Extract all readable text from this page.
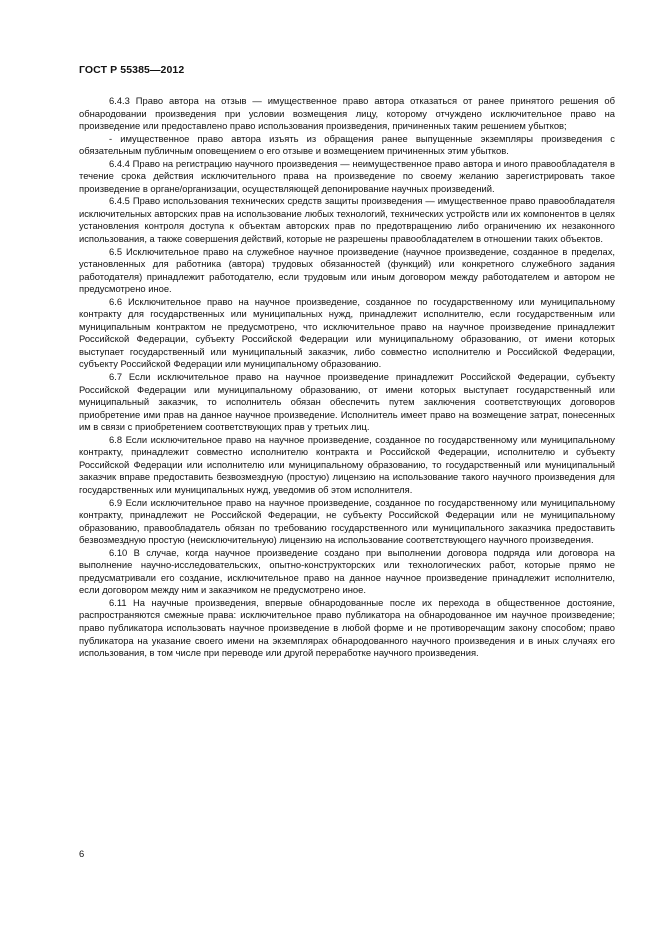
ГОСТ Р 55385—2012

6.4.3 Право автора на отзыв — имущественное право автора отказаться от ранее принятого решения об обнародовании произведения при условии возмещения лицу, которому отчуждено исключительное право на произведение или предоставлено право использования произведения, причиненных таким решением убытков;

- имущественное право автора изъять из обращения ранее выпущенные экземпляры произведения с обязательным публичным оповещением о его отзыве и возмещением причиненных этим убытков.

6.4.4 Право на регистрацию научного произведения — неимущественное право автора и иного правообладателя в течение срока действия исключительного права на произведение по своему желанию зарегистрировать такое произведение в органе/организации, осуществляющей депонирование научных произведений.

6.4.5 Право использования технических средств защиты произведения — имущественное право правообладателя исключительных авторских прав на использование любых технологий, технических устройств или их компонентов в целях установления контроля доступа к объектам авторских прав по предотвращению либо ограничению их незаконного использования, а также совершения действий, которые не разрешены правообладателем в отношении таких объектов.

6.5 Исключительное право на служебное научное произведение (научное произведение, созданное в пределах, установленных для работника (автора) трудовых обязанностей (функций) или конкретного служебного задания работодателя) принадлежит работодателю, если трудовым или иным договором между работодателем и автором не предусмотрено иное.

6.6 Исключительное право на научное произведение, созданное по государственному или муниципальному контракту для государственных или муниципальных нужд, принадлежит исполнителю, если государственным или муниципальным контрактом не предусмотрено, что исключительное право на научное произведение принадлежит Российской Федерации, субъекту Российской Федерации или муниципальному образованию, от имени которых выступает государственный или муниципальный заказчик, либо совместно исполнителю и Российской Федерации, субъекту Российской Федерации или муниципальному образованию.

6.7 Если исключительное право на научное произведение принадлежит Российской Федерации, субъекту Российской Федерации или муниципальному образованию, от имени которых выступает государственный или муниципальный заказчик, то исполнитель обязан обеспечить путем заключения соответствующих договоров приобретение ими прав на данное научное произведение. Исполнитель имеет право на возмещение затрат, понесенных им в связи с приобретением соответствующих прав у третьих лиц.

6.8 Если исключительное право на научное произведение, созданное по государственному или муниципальному контракту, принадлежит совместно исполнителю контракта и Российской Федерации, исполнителю и субъекту Российской Федерации или исполнителю или муниципальному образованию, то государственный или муниципальный заказчик вправе предоставить безвозмездную (простую) лицензию на использование такого научного произведения для государственных или муниципальных нужд, уведомив об этом исполнителя.

6.9 Если исключительное право на научное произведение, созданное по государственному или муниципальному контракту, принадлежит не Российской Федерации, не субъекту Российской Федерации или не муниципальному образованию, правообладатель обязан по требованию государственного или муниципального заказчика предоставить безвозмездную простую (неисключительную) лицензию на использование соответствующего научного произведения.

6.10 В случае, когда научное произведение создано при выполнении договора подряда или договора на выполнение научно-исследовательских, опытно-конструкторских или технологических работ, которые прямо не предусматривали его создание, исключительное право на данное научное произведение принадлежит исполнителю, если договором между ним и заказчиком не предусмотрено иное.

6.11 На научные произведения, впервые обнародованные после их перехода в общественное достояние, распространяются смежные права: исключительное право публикатора на обнародованное им научное произведение; право публикатора использовать научное произведение в любой форме и не противоречащим закону способом; право публикатора на указание своего имени на экземплярах обнародованного научного произведения и в иных случаях его использования, в том числе при переводе или другой переработке научного произведения.

6
